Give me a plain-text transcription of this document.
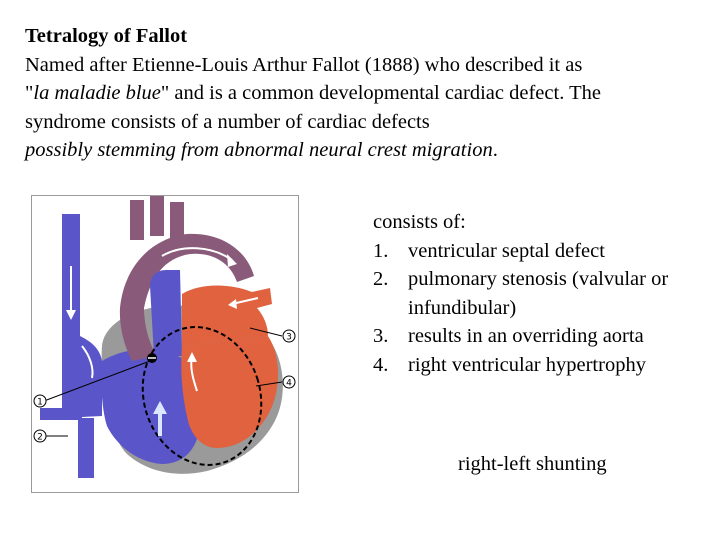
Tetralogy of Fallot
Named after Etienne-Louis Arthur Fallot (1888) who described it as
"la maladie blue" and is a common developmental cardiac defect. The
syndrome consists of a number of cardiac defects
possibly stemming from abnormal neural crest migration.
1
2
3
4
consists of:
1. ventricular septal defect
2. pulmonary stenosis (valvular or infundibular)
3. results in an overriding aorta
4. right ventricular hypertrophy
right-left shunting
